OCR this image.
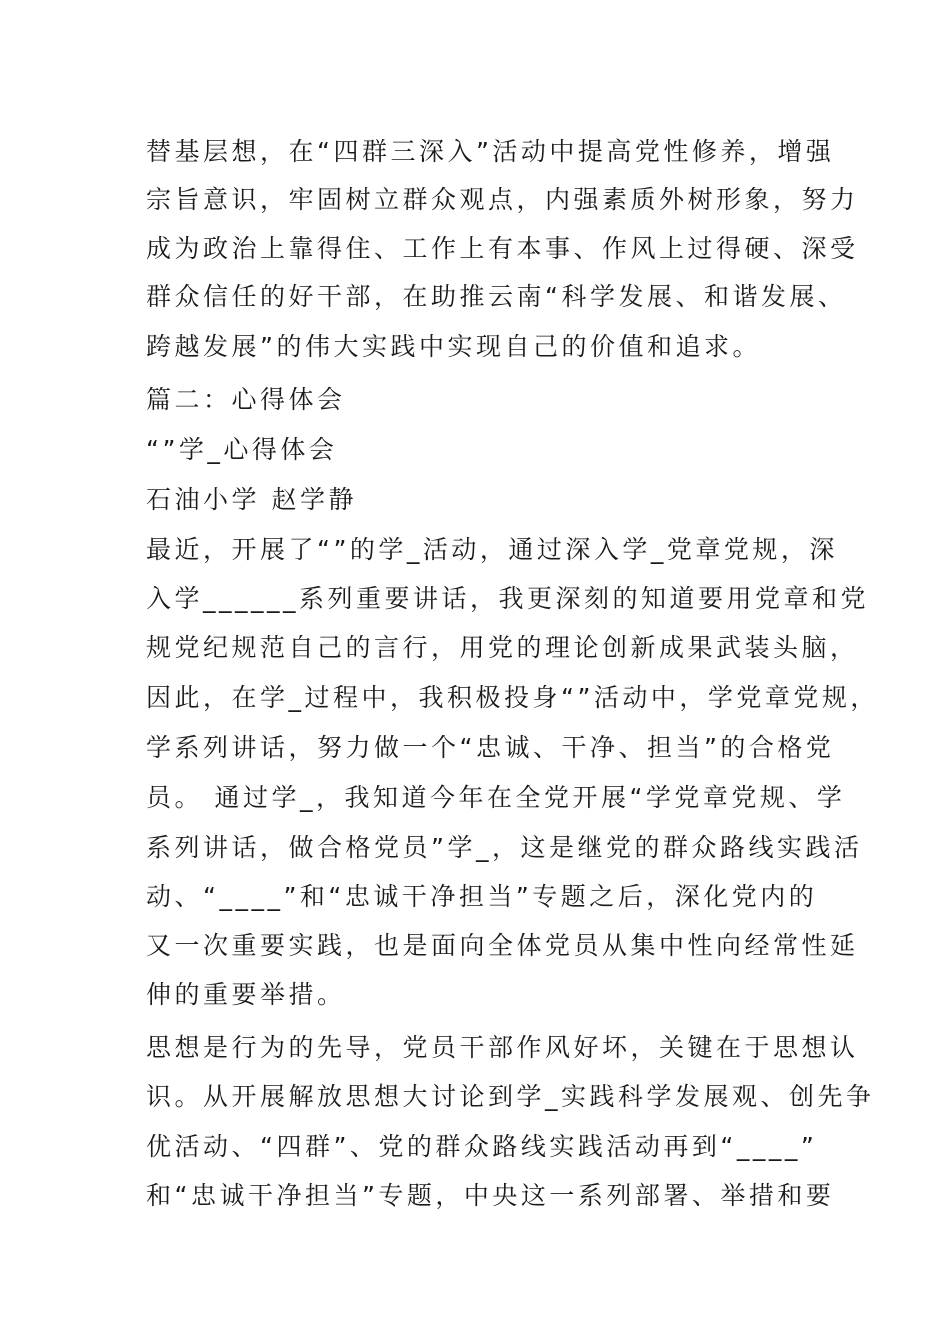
替基层想，在“四群三深入”活动中提高党性修养，增强
宗旨意识，牢固树立群众观点，内强素质外树形象，努力
成为政治上靠得住、工作上有本事、作风上过得硬、深受
群众信任的好干部，在助推云南“科学发展、和谐发展、
跨越发展”的伟大实践中实现自己的价值和追求。
篇二：心得体会
“”学_心得体会
石油小学 赵学静
最近，开展了“”的学_活动，通过深入学_党章党规，深
入学______系列重要讲话，我更深刻的知道要用党章和党
规党纪规范自己的言行，用党的理论创新成果武装头脑，
因此，在学_过程中，我积极投身“”活动中，学党章党规，
学系列讲话，努力做一个“忠诚、干净、担当”的合格党
员。 通过学_，我知道今年在全党开展“学党章党规、学
系列讲话，做合格党员”学_，这是继党的群众路线实践活
动、“____”和“忠诚干净担当”专题之后，深化党内的
又一次重要实践，也是面向全体党员从集中性向经常性延
伸的重要举措。
思想是行为的先导，党员干部作风好坏，关键在于思想认
识。从开展解放思想大讨论到学_实践科学发展观、创先争
优活动、“四群”、党的群众路线实践活动再到“____”
和“忠诚干净担当”专题，中央这一系列部署、举措和要
